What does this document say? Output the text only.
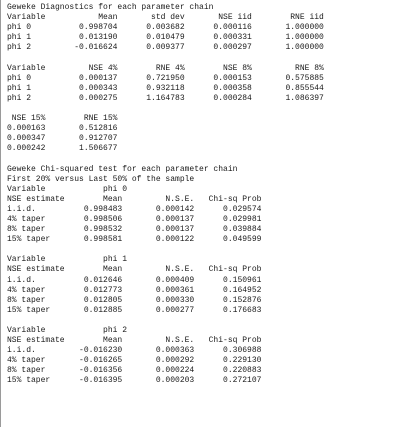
Geweke Diagnostics for each parameter chain
Variable           Mean       std dev       NSE iid        RNE iid
phi 0          0.998704      0.003682      0.000116       1.000000
phi 1          0.013190      0.010479      0.000331       1.000000
phi 2         -0.016624      0.009377      0.000297       1.000000

Variable         NSE 4%        RNE 4%        NSE 8%         RNE 8%
phi 0          0.000137      0.721950      0.000153       0.575885
phi 1          0.000343      0.932118      0.000358       0.855544
phi 2          0.000275      1.164783      0.000284       1.086397

NSE 15%        RNE 15%
0.000163       0.512816
0.000347       0.912707
0.000242       1.506677

Geweke Chi-squared test for each parameter chain
First 20% versus Last 50% of the sample
Variable            phi 0
NSE estimate        Mean         N.S.E.   Chi-sq Prob
i.i.d.          0.998483       0.000142      0.029574
4% taper        0.998506       0.000137      0.029981
8% taper        0.998532       0.000137      0.039884
15% taper       0.998581       0.000122      0.049599

Variable            phi 1
NSE estimate        Mean         N.S.E.   Chi-sq Prob
i.i.d.          0.012646       0.000409      0.150961
4% taper        0.012773       0.000361      0.164952
8% taper        0.012805       0.000330      0.152876
15% taper       0.012885       0.000277      0.176683

Variable            phi 2
NSE estimate        Mean         N.S.E.   Chi-sq Prob
i.i.d.         -0.016230       0.000363      0.306988
4% taper       -0.016265       0.000292      0.229130
8% taper       -0.016356       0.000224      0.220883
15% taper      -0.016395       0.000203      0.272107
